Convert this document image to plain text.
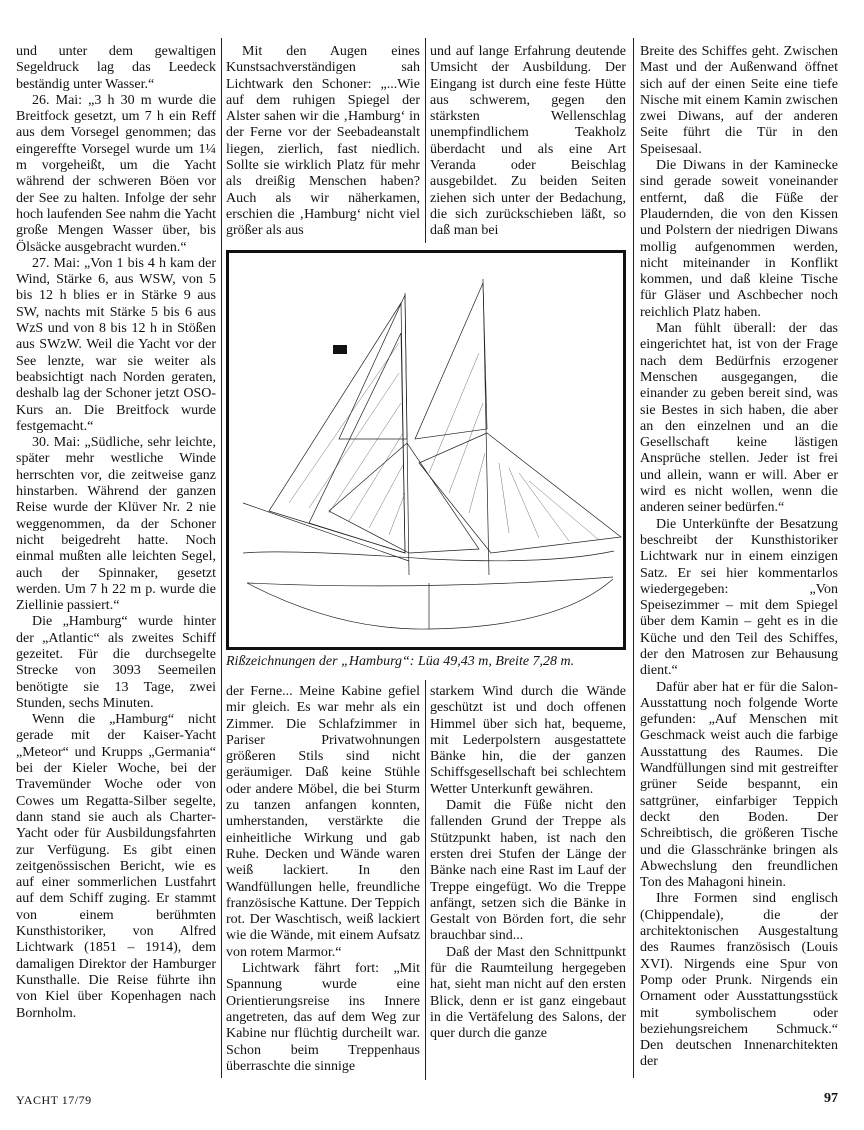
und unter dem gewaltigen Segeldruck lag das Leedeck beständig unter Wasser.“

26. Mai: „3 h 30 m wurde die Breitfock gesetzt, um 7 h ein Reff aus dem Vorsegel genommen; das eingereffte Vorsegel wurde um 1¼ m vorgeheißt, um die Yacht während der schweren Böen vor der See zu halten. Infolge der sehr hoch laufenden See nahm die Yacht große Mengen Wasser über, bis Ölsäcke ausgebracht wurden.“

27. Mai: „Von 1 bis 4 h kam der Wind, Stärke 6, aus WSW, von 5 bis 12 h blies er in Stärke 9 aus SW, nachts mit Stärke 5 bis 6 aus WzS und von 8 bis 12 h in Stößen aus SWzW. Weil die Yacht vor der See lenzte, war sie weiter als beabsichtigt nach Norden geraten, deshalb lag der Schoner jetzt OSO-Kurs an. Die Breitfock wurde festgemacht.“

30. Mai: „Südliche, sehr leichte, später mehr westliche Winde herrschten vor, die zeitweise ganz hinstarben. Während der ganzen Reise wurde der Klüver Nr. 2 nie weggenommen, da der Schoner nicht beigedreht hatte. Noch einmal mußten alle leichten Segel, auch der Spinnaker, gesetzt werden. Um 7 h 22 m p. wurde die Ziellinie passiert.“

Die „Hamburg“ wurde hinter der „Atlantic“ als zweites Schiff gezeitet. Für die durchsegelte Strecke von 3093 Seemeilen benötigte sie 13 Tage, zwei Stunden, sechs Minuten.

Wenn die „Hamburg“ nicht gerade mit der Kaiser-Yacht „Meteor“ und Krupps „Germania“ bei der Kieler Woche, bei der Travemünder Woche oder von Cowes um Regatta-Silber segelte, dann stand sie auch als Charter-Yacht oder für Ausbildungsfahrten zur Verfügung. Es gibt einen zeitgenössischen Bericht, wie es auf einer sommerlichen Lustfahrt auf dem Schiff zuging. Er stammt von einem berühmten Kunsthistoriker, von Alfred Lichtwark (1851 – 1914), dem damaligen Direktor der Hamburger Kunsthalle. Die Reise führte ihn von Kiel über Kopenhagen nach Bornholm.

Mit den Augen eines Kunstsachverständigen sah Lichtwark den Schoner: „...Wie auf dem ruhigen Spiegel der Alster sahen wir die ‚Hamburg‘ in der Ferne vor der Seebadeanstalt liegen, zierlich, fast niedlich. Sollte sie wirklich Platz für mehr als dreißig Menschen haben? Auch als wir näherkamen, erschien die ‚Hamburg‘ nicht viel größer als aus

und auf lange Erfahrung deutende Umsicht der Ausbildung. Der Eingang ist durch eine feste Hütte aus schwerem, gegen den stärksten Wellenschlag unempfindlichem Teakholz überdacht und als eine Art Veranda oder Beischlag ausgebildet. Zu beiden Seiten ziehen sich unter der Bedachung, die sich zurückschieben läßt, so daß man bei

Breite des Schiffes geht. Zwischen Mast und der Außenwand öffnet sich auf der einen Seite eine tiefe Nische mit einem Kamin zwischen zwei Diwans, auf der anderen Seite führt die Tür in den Speisesaal.

Die Diwans in der Kaminecke sind gerade soweit voneinander entfernt, daß die Füße der Plaudernden, die von den Kissen und Polstern der niedrigen Diwans mollig aufgenommen werden, nicht miteinander in Konflikt kommen, und daß kleine Tische für Gläser und Aschbecher noch reichlich Platz haben.

Man fühlt überall: der das eingerichtet hat, ist von der Frage nach dem Bedürfnis erzogener Menschen ausgegangen, die einander zu geben bereit sind, was sie Bestes in sich haben, die aber an den einzelnen und an die Gesellschaft keine lästigen Ansprüche stellen. Jeder ist frei und allein, wann er will. Aber er wird es nicht wollen, wenn die anderen seiner bedürfen.“

Die Unterkünfte der Besatzung beschreibt der Kunsthistoriker Lichtwark nur in einem einzigen Satz. Er sei hier kommentarlos wiedergegeben: „Von Speisezimmer – mit dem Spiegel über dem Kamin – geht es in die Küche und den Teil des Schiffes, der den Matrosen zur Behausung dient.“

Dafür aber hat er für die Salon-Ausstattung noch folgende Worte gefunden: „Auf Menschen mit Geschmack weist auch die farbige Ausstattung des Raumes. Die Wandfüllungen sind mit gestreifter grüner Seide bespannt, ein sattgrüner, einfarbiger Teppich deckt den Boden. Der Schreibtisch, die größeren Tische und die Glasschränke bringen als Abwechslung den freundlichen Ton des Mahagoni hinein.

Ihre Formen sind englisch (Chippendale), die der architektonischen Ausgestaltung des Raumes französisch (Louis XVI). Nirgends eine Spur von Pomp oder Prunk. Nirgends ein Ornament oder Ausstattungsstück mit symbolischem oder beziehungsreichem Schmuck.“ Den deutschen Innenarchitekten der

der Ferne... Meine Kabine gefiel mir gleich. Es war mehr als ein Zimmer. Die Schlafzimmer in Pariser Privatwohnungen größeren Stils sind nicht geräumiger. Daß keine Stühle oder andere Möbel, die bei Sturm zu tanzen anfangen konnten, umherstanden, verstärkte die einheitliche Wirkung und gab Ruhe. Decken und Wände waren weiß lackiert. In den Wandfüllungen helle, freundliche französische Kattune. Der Teppich rot. Der Waschtisch, weiß lackiert wie die Wände, mit einem Aufsatz von rotem Marmor.“

Lichtwark fährt fort: „Mit Spannung wurde eine Orientierungsreise ins Innere angetreten, das auf dem Weg zur Kabine nur flüchtig durcheilt war. Schon beim Treppenhaus überraschte die sinnige

starkem Wind durch die Wände geschützt ist und doch offenen Himmel über sich hat, bequeme, mit Lederpolstern ausgestattete Bänke hin, die der ganzen Schiffsgesellschaft bei schlechtem Wetter Unterkunft gewähren.

Damit die Füße nicht den fallenden Grund der Treppe als Stützpunkt haben, ist nach den ersten drei Stufen der Länge der Bänke nach eine Rast im Lauf der Treppe eingefügt. Wo die Treppe anfängt, setzen sich die Bänke in Gestalt von Börden fort, die sehr brauchbar sind...

Daß der Mast den Schnittpunkt für die Raumteilung hergegeben hat, sieht man nicht auf den ersten Blick, denn er ist ganz eingebaut in die Vertäfelung des Salons, der quer durch die ganze

Rißzeichnungen der „Hamburg“: Lüa 49,43 m, Breite 7,28 m.
YACHT 17/79	97
